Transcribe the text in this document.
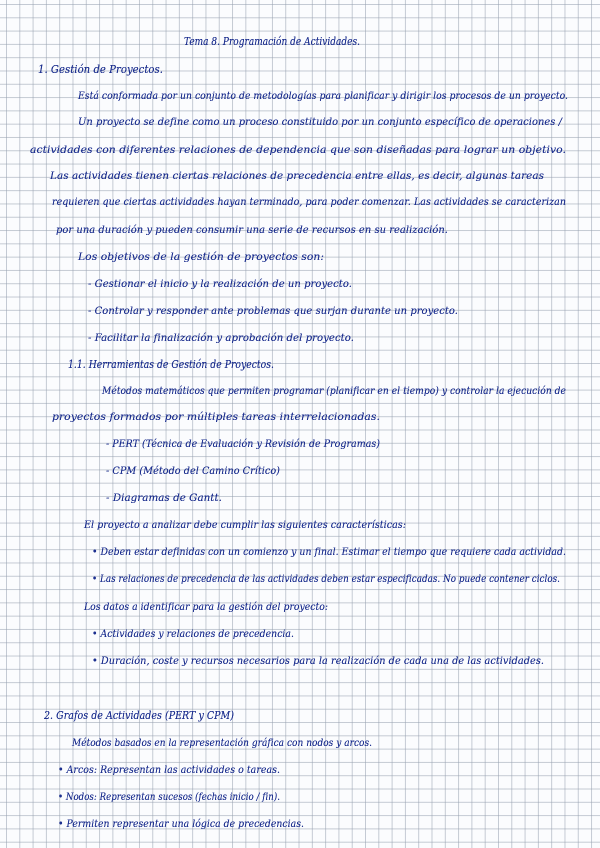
Tema 8. Programación de Actividades.
1. Gestión de Proyectos.
Está conformada por un conjunto de metodologías para planificar y dirigir los procesos de un proyecto.
Un proyecto se define como un proceso constituido por un conjunto específico de operaciones /
actividades con diferentes relaciones de dependencia que son diseñadas para lograr un objetivo.
Las actividades tienen ciertas relaciones de precedencia entre ellas, es decir, algunas tareas
requieren que ciertas actividades hayan terminado, para poder comenzar. Las actividades se caracterizan
por una duración y pueden consumir una serie de recursos en su realización.
Los objetivos de la gestión de proyectos son:
- Gestionar el inicio y la realización de un proyecto.
- Controlar y responder ante problemas que surjan durante un proyecto.
- Facilitar la finalización y aprobación del proyecto.
1.1. Herramientas de Gestión de Proyectos.
Métodos matemáticos que permiten programar (planificar en el tiempo) y controlar la ejecución de
proyectos formados por múltiples tareas interrelacionadas.
- PERT (Técnica de Evaluación y Revisión de Programas)
- CPM (Método del Camino Crítico)
- Diagramas de Gantt.
El proyecto a analizar debe cumplir las siguientes características:
• Deben estar definidas con un comienzo y un final. Estimar el tiempo que requiere cada actividad.
• Las relaciones de precedencia de las actividades deben estar especificadas. No puede contener ciclos.
Los datos a identificar para la gestión del proyecto:
• Actividades y relaciones de precedencia.
• Duración, coste y recursos necesarios para la realización de cada una de las actividades.
2. Grafos de Actividades (PERT y CPM)
Métodos basados en la representación gráfica con nodos y arcos.
• Arcos: Representan las actividades o tareas.
• Nodos: Representan sucesos (fechas inicio / fin).
• Permiten representar una lógica de precedencias.
